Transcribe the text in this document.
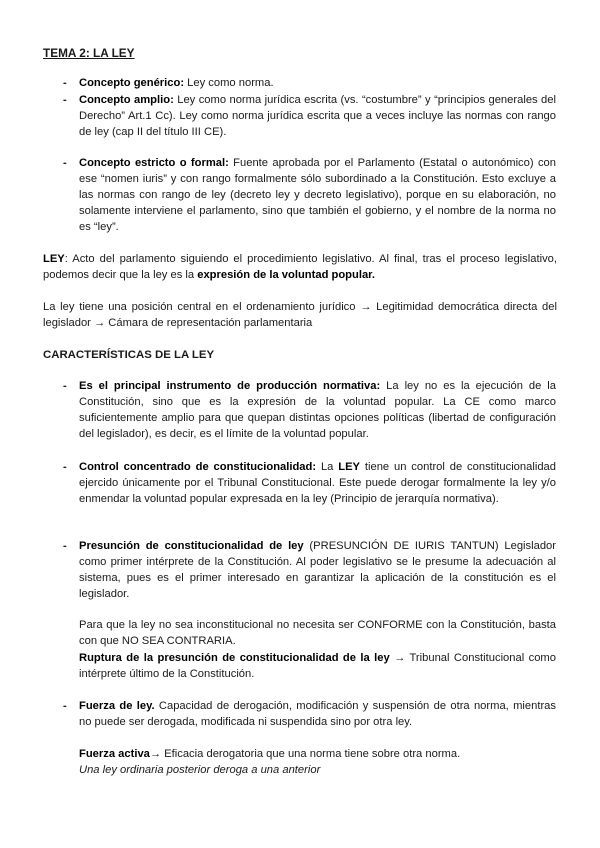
TEMA 2: LA LEY
- Concepto genérico: Ley como norma.
- Concepto amplio: Ley como norma jurídica escrita (vs. “costumbre” y “principios generales del Derecho” Art.1 Cc). Ley como norma jurídica escrita que a veces incluye las normas con rango de ley (cap II del título III CE).
- Concepto estricto o formal: Fuente aprobada por el Parlamento (Estatal o autonómico) con ese “nomen iuris” y con rango formalmente sólo subordinado a la Constitución. Esto excluye a las normas con rango de ley (decreto ley y decreto legislativo), porque en su elaboración, no solamente interviene el parlamento, sino que también el gobierno, y el nombre de la norma no es “ley”.
LEY: Acto del parlamento siguiendo el procedimiento legislativo. Al final, tras el proceso legislativo, podemos decir que la ley es la expresión de la voluntad popular.
La ley tiene una posición central en el ordenamiento jurídico → Legitimidad democrática directa del legislador → Cámara de representación parlamentaria
CARACTERÍSTICAS DE LA LEY
- Es el principal instrumento de producción normativa: La ley no es la ejecución de la Constitución, sino que es la expresión de la voluntad popular. La CE como marco suficientemente amplio para que quepan distintas opciones políticas (libertad de configuración del legislador), es decir, es el límite de la voluntad popular.
- Control concentrado de constitucionalidad: La LEY tiene un control de constitucionalidad ejercido únicamente por el Tribunal Constitucional. Este puede derogar formalmente la ley y/o enmendar la voluntad popular expresada en la ley (Principio de jerarquía normativa).
- Presunción de constitucionalidad de ley (PRESUNCIÓN DE IURIS TANTUN) Legislador como primer intérprete de la Constitución. Al poder legislativo se le presume la adecuación al sistema, pues es el primer interesado en garantizar la aplicación de la constitución es el legislador.
Para que la ley no sea inconstitucional no necesita ser CONFORME con la Constitución, basta con que NO SEA CONTRARIA.
Ruptura de la presunción de constitucionalidad de la ley → Tribunal Constitucional como intérprete último de la Constitución.
- Fuerza de ley. Capacidad de derogación, modificación y suspensión de otra norma, mientras no puede ser derogada, modificada ni suspendida sino por otra ley.
Fuerza activa→ Eficacia derogatoria que una norma tiene sobre otra norma.
Una ley ordinaria posterior deroga a una anterior
